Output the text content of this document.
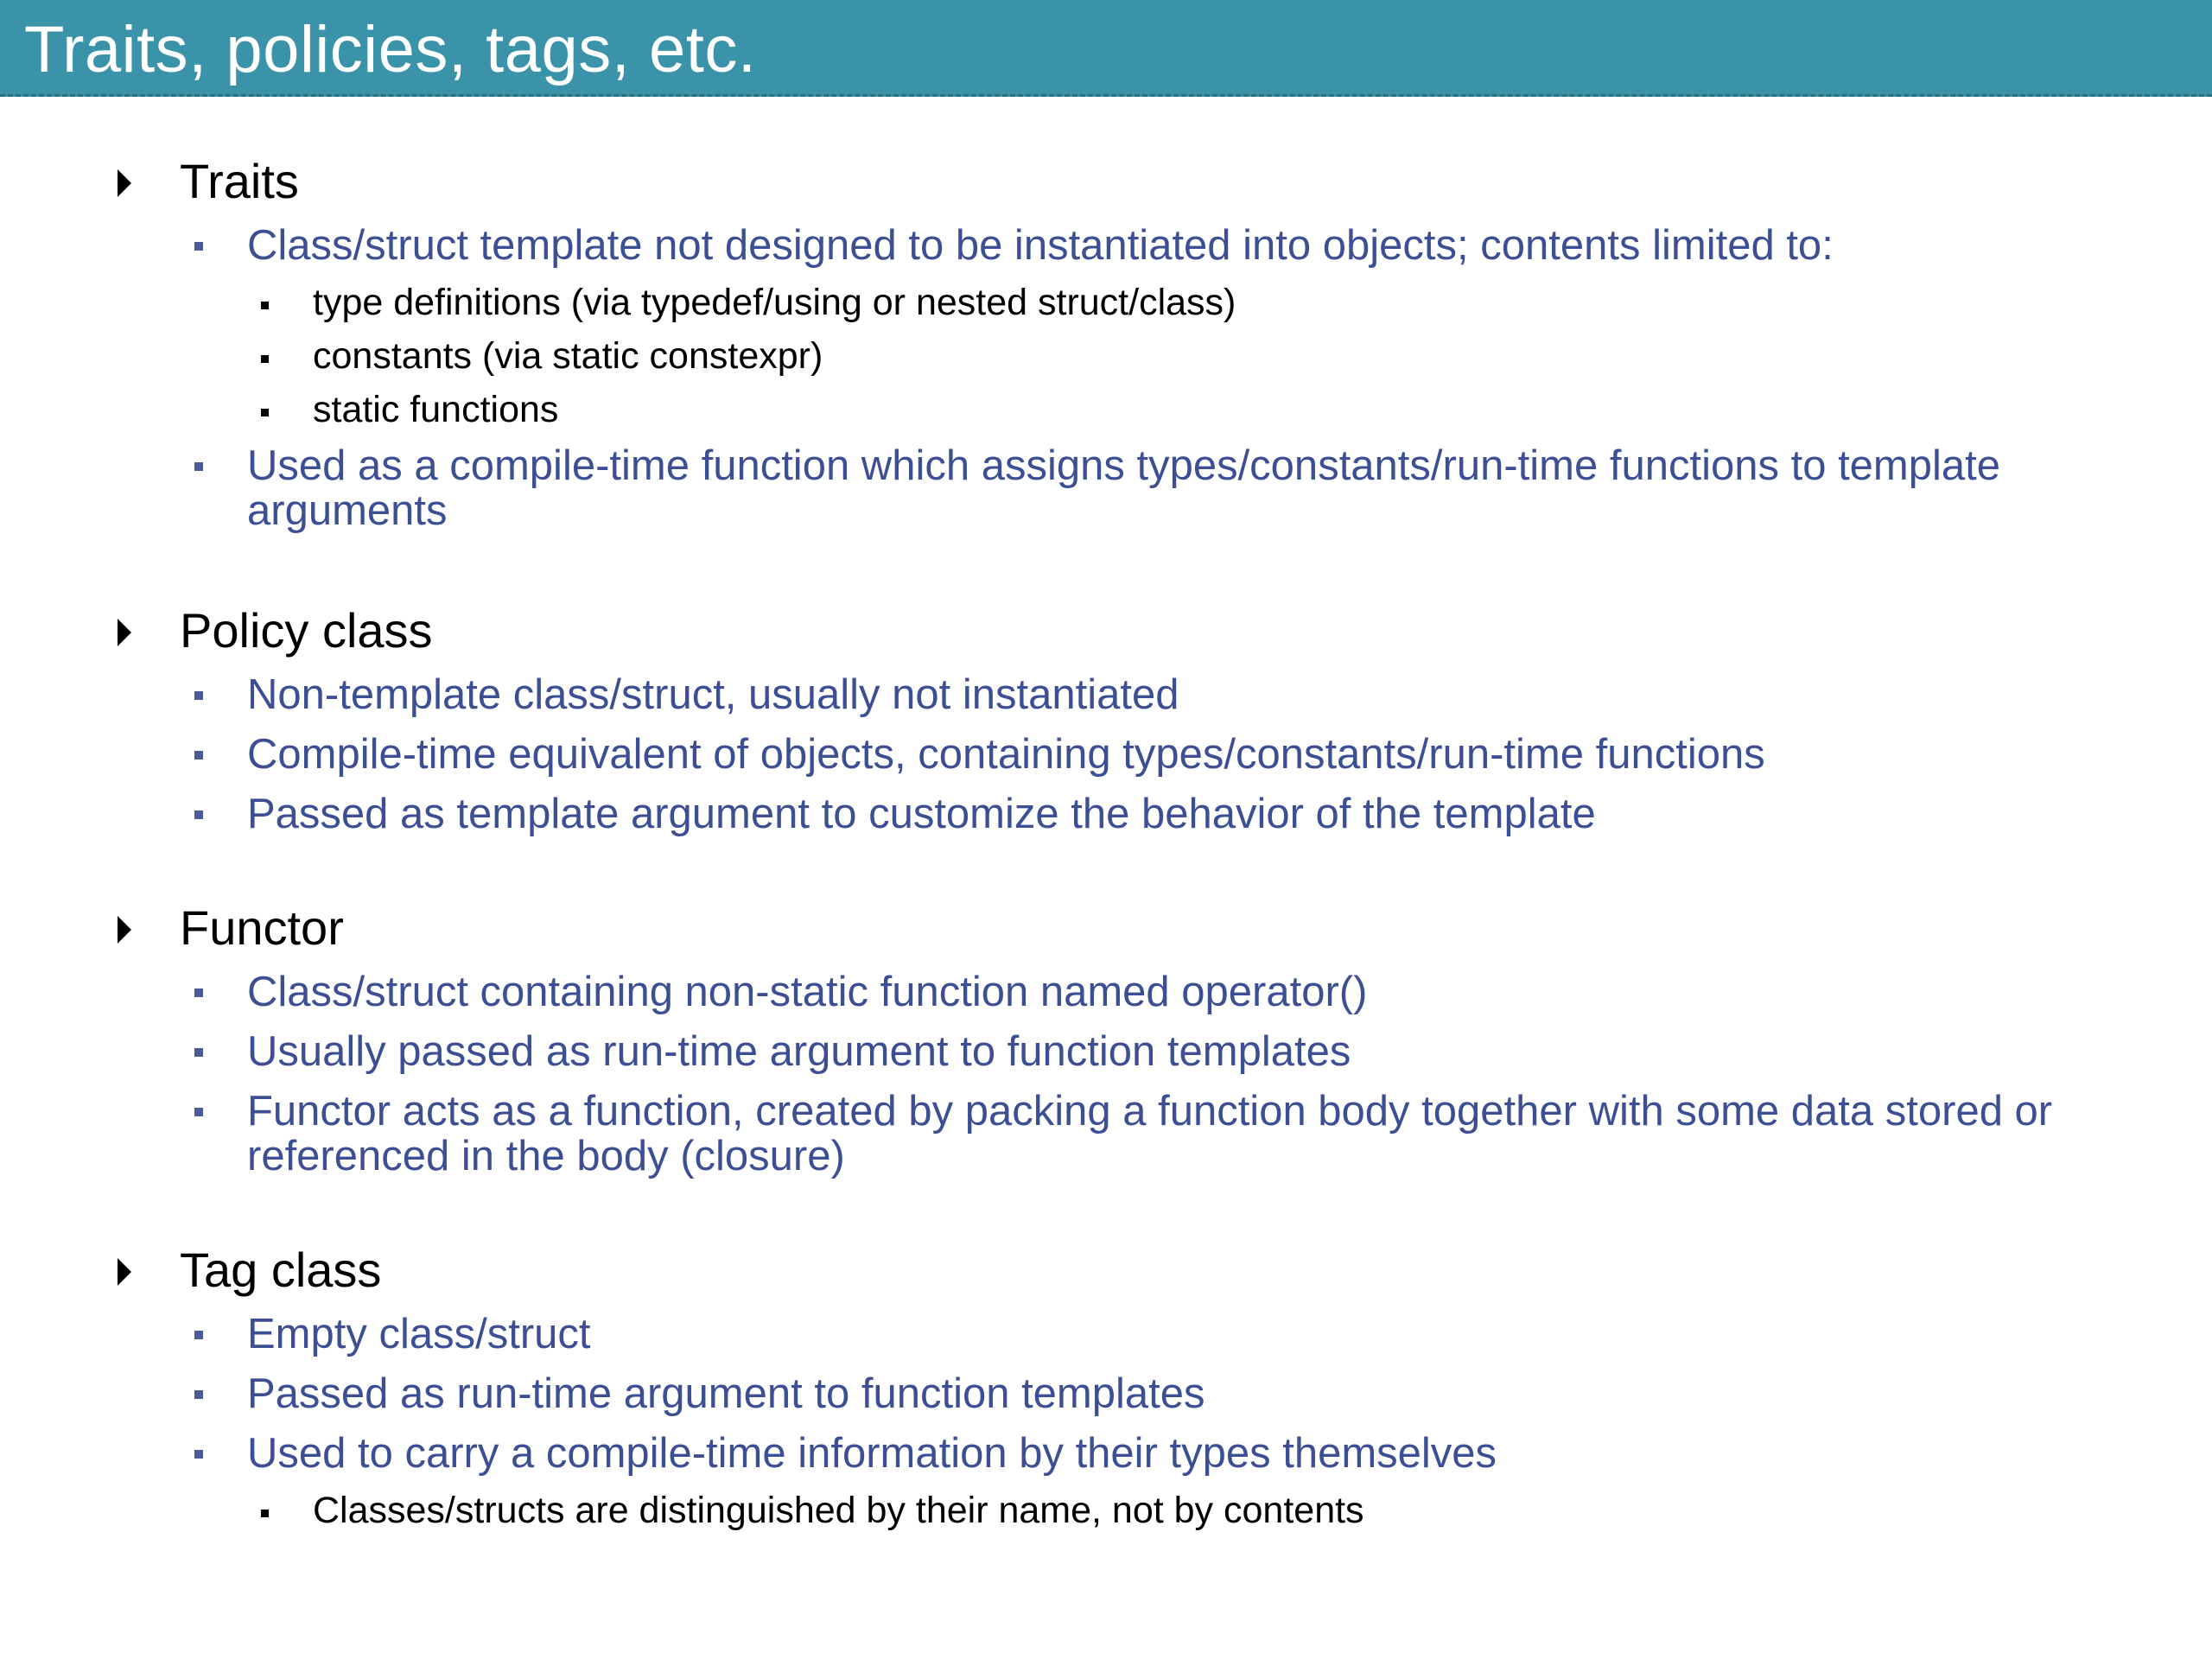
Traits, policies, tags, etc.
Traits
Class/struct template not designed to be instantiated into objects; contents limited to:
type definitions (via typedef/using or nested struct/class)
constants (via static constexpr)
static functions
Used as a compile-time function which assigns types/constants/run-time functions to template arguments
Policy class
Non-template class/struct, usually not instantiated
Compile-time equivalent of objects, containing types/constants/run-time functions
Passed as template argument to customize the behavior of the template
Functor
Class/struct containing non-static function named operator()
Usually passed as run-time argument to function templates
Functor acts as a function, created by packing a function body together with some data stored or referenced in the body (closure)
Tag class
Empty class/struct
Passed as run-time argument to function templates
Used to carry a compile-time information by their types themselves
Classes/structs are distinguished by their name, not by contents
